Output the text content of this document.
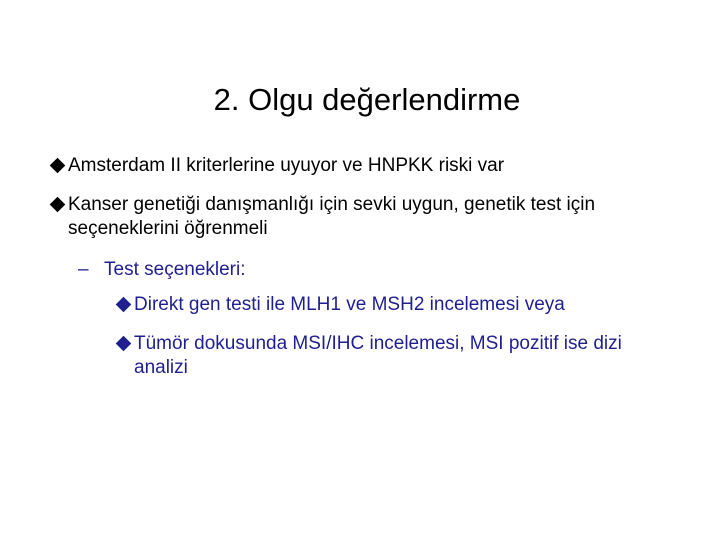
2. Olgu değerlendirme
Amsterdam II kriterlerine uyuyor ve HNPKK riski var
Kanser genetiği danışmanlığı için sevki uygun, genetik test için seçeneklerini öğrenmeli
– Test seçenekleri:
Direkt gen testi ile MLH1 ve MSH2 incelemesi veya
Tümör dokusunda MSI/IHC incelemesi, MSI pozitif ise dizi analizi
